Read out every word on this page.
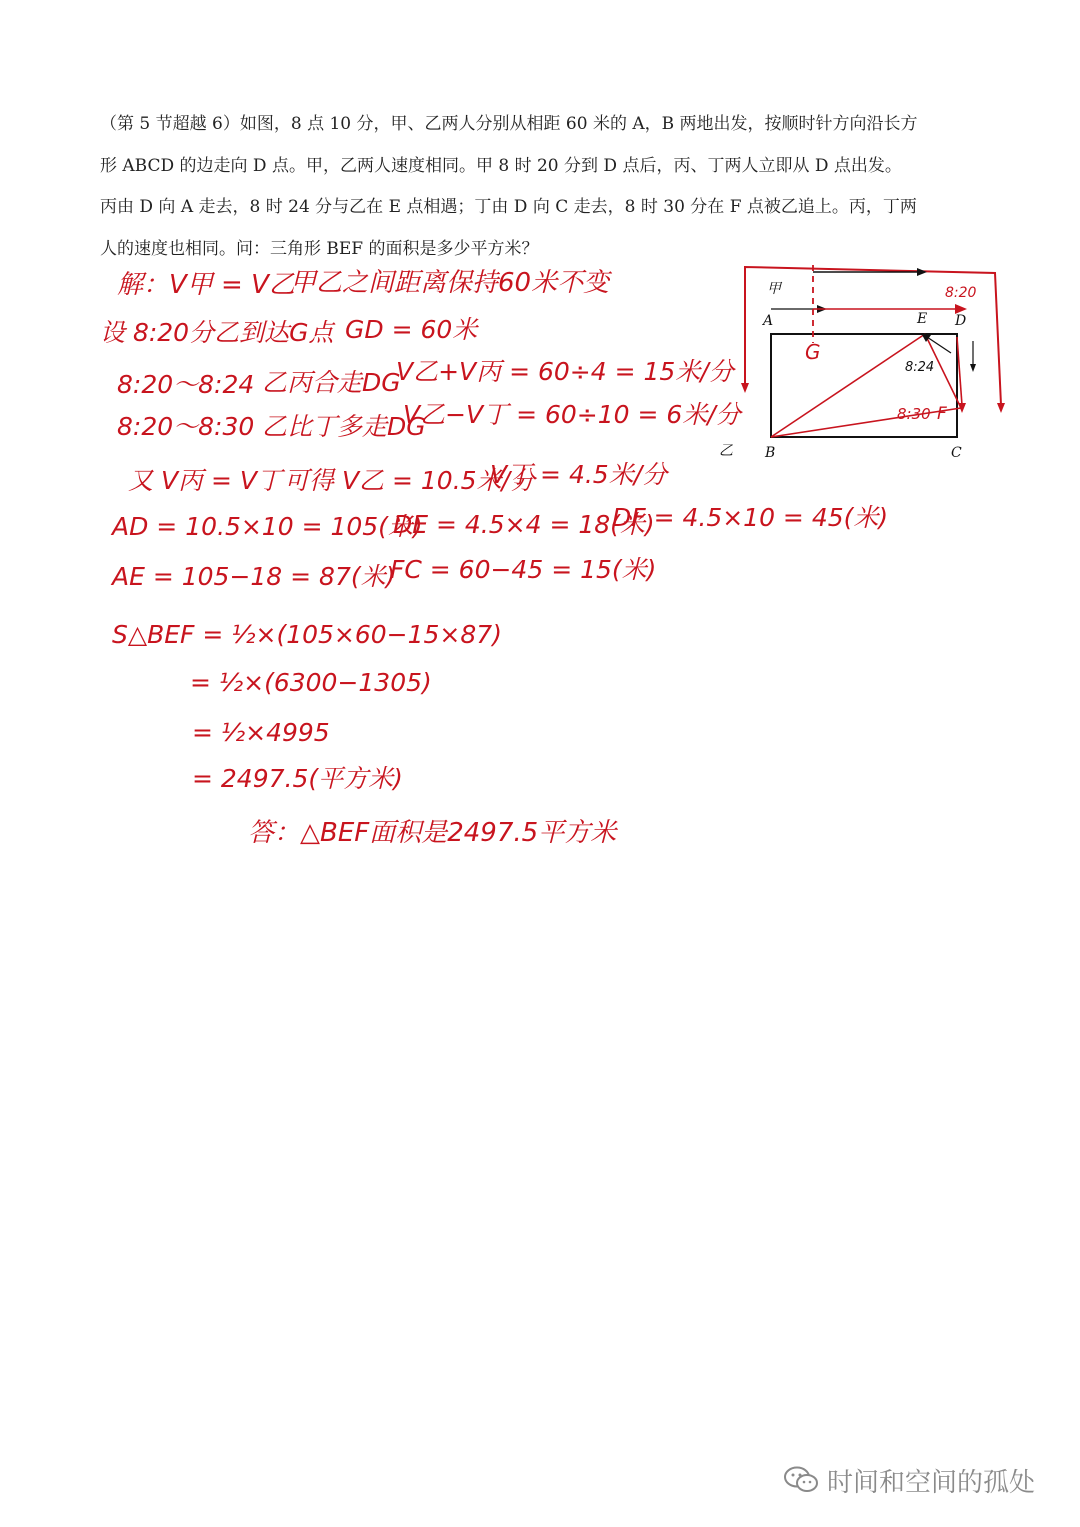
（第 5 节超越 6）如图，8 点 10 分，甲、乙两人分别从相距 60 米的 A，B 两地出发，按顺时针方向沿长方
形 ABCD 的边走向 D 点。甲，乙两人速度相同。甲 8 时 20 分到 D 点后，丙、丁两人立即从 D 点出发。
丙由 D 向 A 走去，8 时 24 分与乙在 E 点相遇；丁由 D 向 C 走去，8 时 30 分在 F 点被乙追上。丙，丁两
人的速度也相同。问：三角形 BEF 的面积是多少平方米？
A	D
E
B	C
甲
乙
G
8:20
8:24
8:30 F
解：V甲 = V乙
甲乙之间距离保持60米不变
设 8:20分乙到达G点 GD = 60米
8:20～8:24 乙丙合走DG
V乙+V丙 = 60÷4 = 15米/分
8:20～8:30 乙比丁多走DG
V乙−V丁 = 60÷10 = 6米/分
又 V丙 = V丁 可得 V乙 = 10.5米/分
V丁 = 4.5米/分
AD = 10.5×10 = 105(米)
DE = 4.5×4 = 18(米)
DF = 4.5×10 = 45(米)
AE = 105−18 = 87(米)
FC = 60−45 = 15(米)
S△BEF = ½×(105×60−15×87)
= ½×(6300−1305)
= ½×4995
= 2497.5(平方米)
答：△BEF面积是2497.5平方米
时间和空间的孤处
